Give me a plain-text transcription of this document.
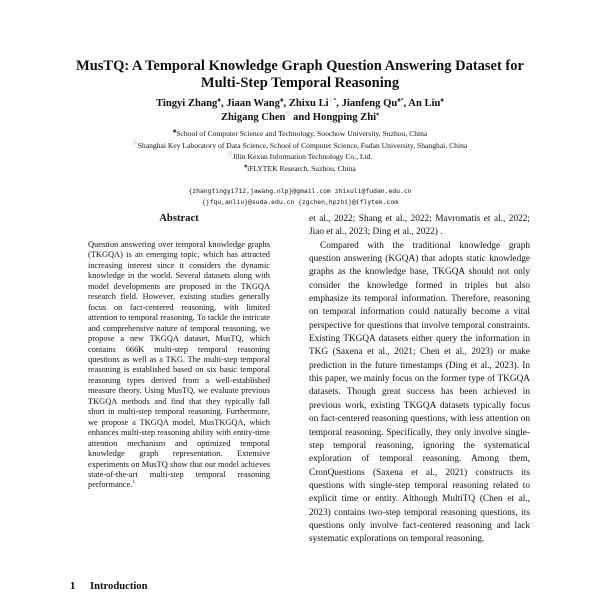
MusTQ: A Temporal Knowledge Graph Question Answering Dataset for
Multi-Step Temporal Reasoning
Tingyi Zhang♣, Jiaan Wang♣, Zhixu Li♢*, Jianfeng Qu♣*, An Liu♣
Zhigang Chen♡ and Hongping Zhi♠
♣School of Computer Science and Technology, Soochow University, Suzhou, China
♢Shanghai Key Laboratory of Data Science, School of Computer Science, Fudan University, Shanghai, China
♡Jilin Kexun Information Technology Co., Ltd.
♠iFLYTEK Research, Suzhou, China
{zhangtingyi712,jawang.nlp}@gmail.com zhixuli@fudan.edu.cn
{jfqu,anliu}@suda.edu.cn {zgchen,hpzhi}@iflytek.com
Abstract
Question answering over temporal knowledge graphs (TKGQA) is an emerging topic, which has attracted increasing interest since it considers the dynamic knowledge in the world. Several datasets along with model developments are proposed in the TKGQA research field. However, existing studies generally focus on fact-centered reasoning, with limited attention to temporal reasoning. To tackle the intricate and comprehensive nature of temporal reasoning, we propose a new TKGQA dataset, MusTQ, which contains 666K multi-step temporal reasoning questions as well as a TKG. The multi-step temporal reasoning is established based on six basic temporal reasoning types derived from a well-established measure theory. Using MusTQ, we evaluate previous TKGQA methods and find that they typically fall short in multi-step temporal reasoning. Furthermore, we propose a TKGQA model, MusTKGQA, which enhances multi-step reasoning ability with entity-time attention mechanism and optimized temporal knowledge graph representation. Extensive experiments on MusTQ show that our model achieves state-of-the-art multi-step temporal reasoning performance.$^1$
1 Introduction

et al., 2022; Shang et al., 2022; Mavromatis et al., 2022; Jiao et al., 2023; Ding et al., 2022) .

Compared with the traditional knowledge graph question answering (KGQA) that adopts static knowledge graphs as the knowledge base, TKGQA should not only consider the knowledge formed in triples but also emphasize its temporal information. Therefore, reasoning on temporal information could naturally become a vital perspective for questions that involve temporal constraints. Existing TKGQA datasets either query the information in TKG (Saxena et al., 2021; Chen et al., 2023) or make prediction in the future timestamps (Ding et al., 2023). In this paper, we mainly focus on the former type of TKGQA datasets. Though great success has been achieved in previous work, existing TKGQA datasets typically focus on fact-centered reasoning questions, with less attention on temporal reasoning. Specifically, they only involve single-step temporal reasoning, ignoring the systematical exploration of temporal reasoning. Among them, CronQuestions (Saxena et al., 2021) constructs its questions with single-step temporal reasoning related to explicit time or entity. Although MultiTQ (Chen et al., 2023) contains two-step temporal reasoning questions, its questions only involve fact-centered reasoning and lack systematic explorations on temporal reasoning.
